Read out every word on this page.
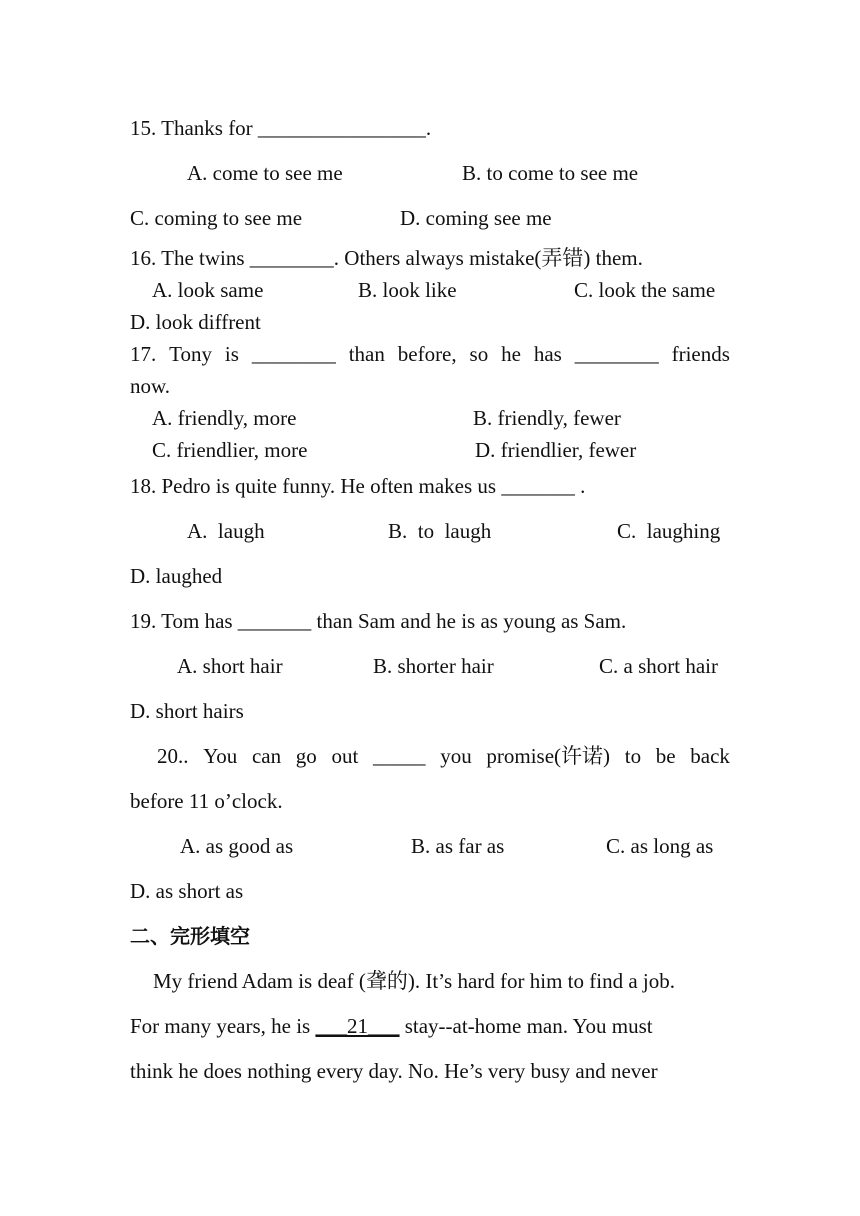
15. Thanks for ________________.
A. come to see me	B. to come to see me
C. coming to see me	D. coming see me
16. The twins ________. Others always mistake(弄错) them.
A. look same	B. look like	C. look the same
D. look diffrent
17. Tony is ________ than before, so he has ________ friends
now.
A. friendly, more	B. friendly, fewer
C. friendlier, more	D. friendlier, fewer
18. Pedro is quite funny. He often makes us _______ .
A.  laugh	B.  to  laugh	C.  laughing
D. laughed
19. Tom has _______ than Sam and he is as young as Sam.
A. short hair	B. shorter hair	C. a short hair
D. short hairs
20.. You can go out _____ you promise(许诺) to be back
before 11 o’clock.
A. as good as	B. as far as	C. as long as
D. as short as
二、完形填空
My friend Adam is deaf (聋的). It’s hard for him to find a job.
For many years, he is ___21___ stay--at-home man. You must
think he does nothing every day. No. He’s very busy and never
